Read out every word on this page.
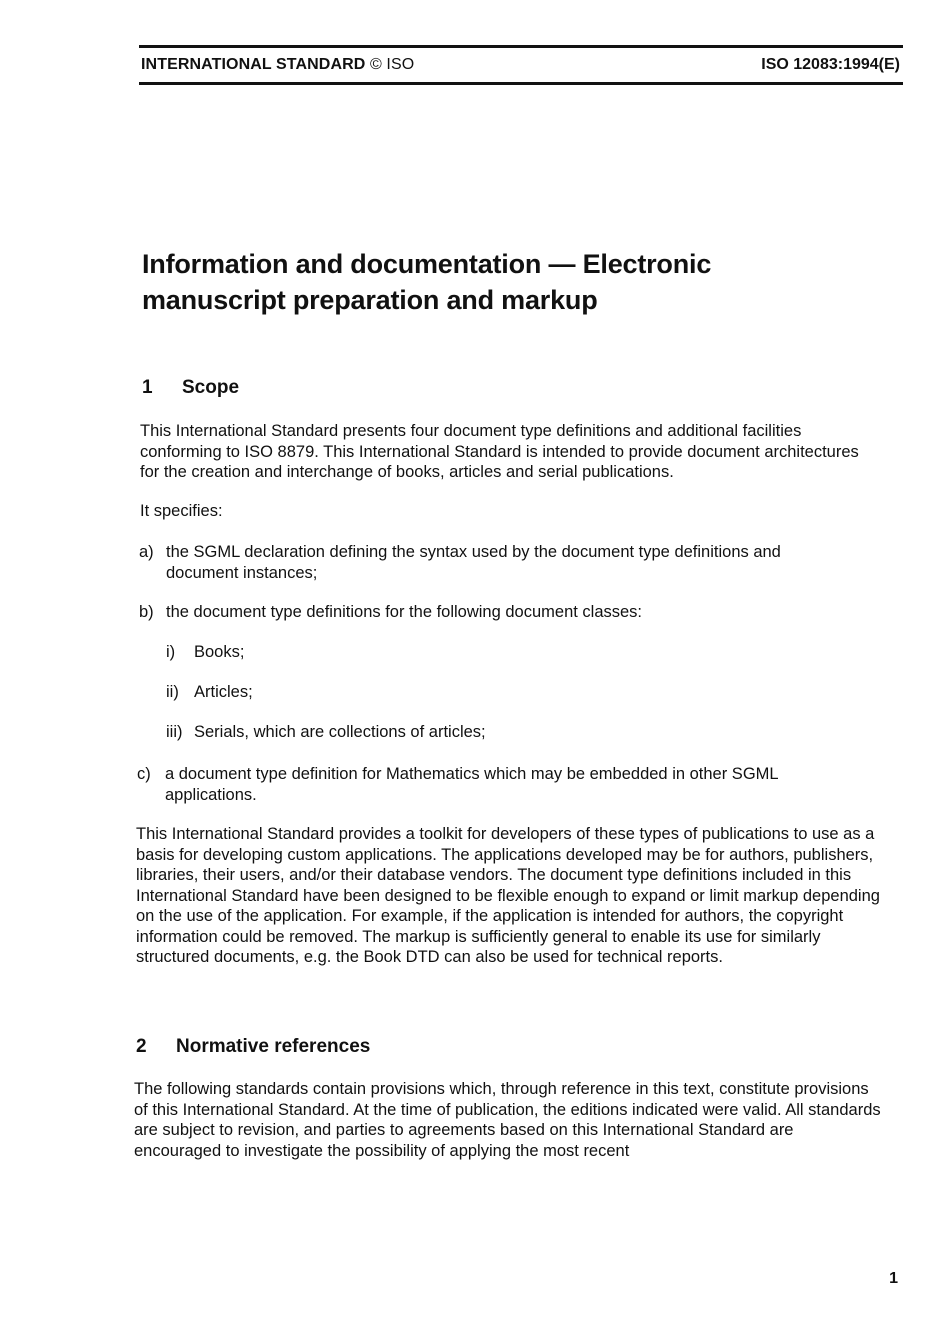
INTERNATIONAL STANDARD © ISO	ISO 12083:1994(E)
Information and documentation — Electronic
manuscript preparation and markup
1 Scope

This International Standard presents four document type definitions and additional facilities conforming to ISO 8879. This International Standard is intended to provide document architectures for the creation and interchange of books, articles and serial publications.

It specifies:

a) the SGML declaration defining the syntax used by the document type definitions and document instances;
b) the document type definitions for the following document classes:
i)	Books;
ii) Articles;
iii) Serials, which are collections of articles;
c) a document type definition for Mathematics which may be embedded in other SGML applications.

This International Standard provides a toolkit for developers of these types of publications to use as a basis for developing custom applications. The applications developed may be for authors, publishers, libraries, their users, and/or their database vendors. The document type definitions included in this International Standard have been designed to be flexible enough to expand or limit markup depending on the use of the application. For example, if the application is intended for authors, the copyright information could be removed. The markup is sufficiently general to enable its use for similarly structured documents, e.g. the Book DTD can also be used for technical reports.

2 Normative references

The following standards contain provisions which, through reference in this text, constitute provisions of this International Standard. At the time of publication, the editions indicated were valid. All standards are subject to revision, and parties to agreements based on this International Standard are encouraged to investigate the possibility of applying the most recent

1
